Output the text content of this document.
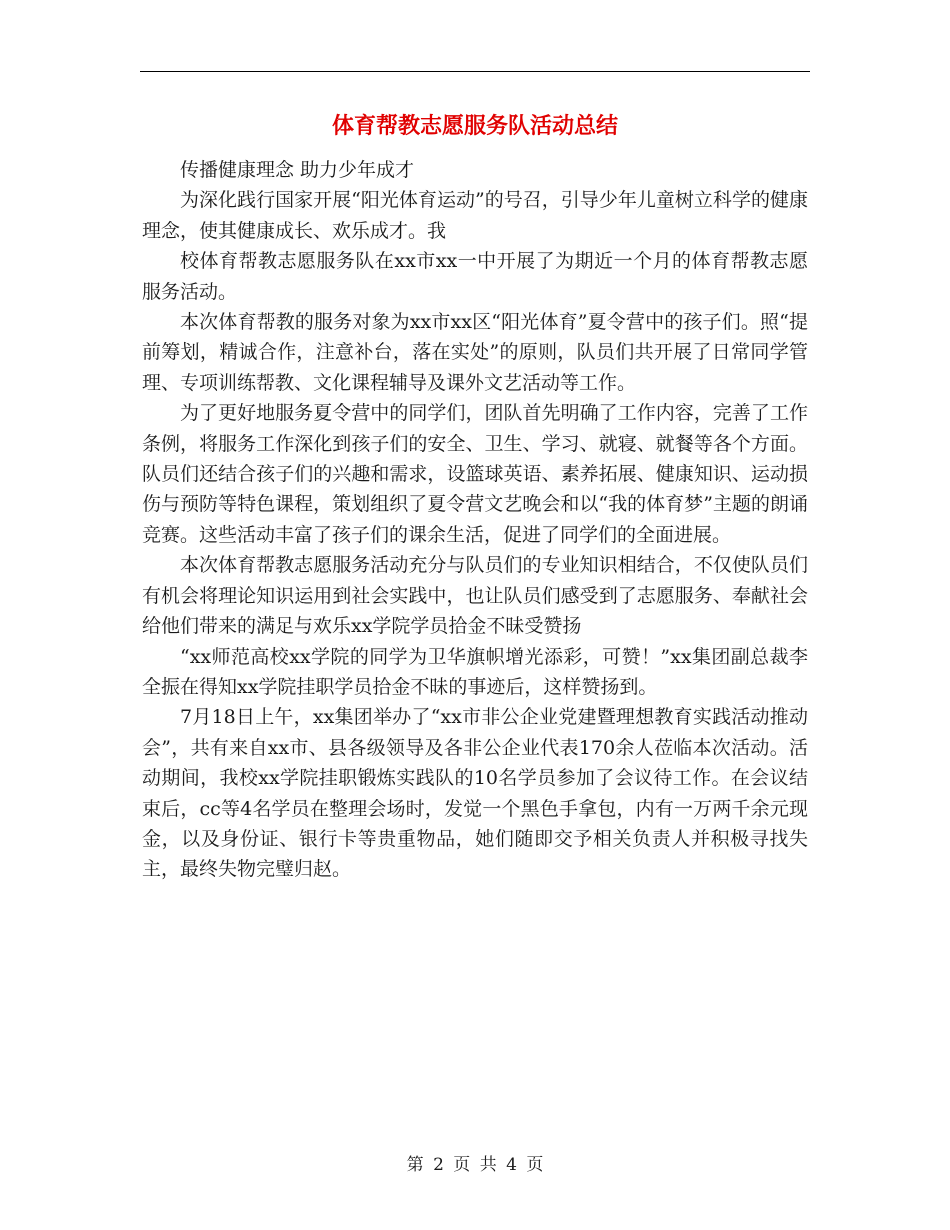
体育帮教志愿服务队活动总结

传播健康理念 助力少年成才

为深化践行国家开展“阳光体育运动”的号召，引导少年儿童树立科学的健康理念，使其健康成长、欢乐成才。我

校体育帮教志愿服务队在xx市xx一中开展了为期近一个月的体育帮教志愿服务活动。

本次体育帮教的服务对象为xx市xx区“阳光体育”夏令营中的孩子们。照“提前筹划，精诚合作，注意补台，落在实处”的原则，队员们共开展了日常同学管理、专项训练帮教、文化课程辅导及课外文艺活动等工作。

为了更好地服务夏令营中的同学们，团队首先明确了工作内容，完善了工作条例，将服务工作深化到孩子们的安全、卫生、学习、就寝、就餐等各个方面。队员们还结合孩子们的兴趣和需求，设篮球英语、素养拓展、健康知识、运动损伤与预防等特色课程，策划组织了夏令营文艺晚会和以“我的体育梦”主题的朗诵竞赛。这些活动丰富了孩子们的课余生活，促进了同学们的全面进展。

本次体育帮教志愿服务活动充分与队员们的专业知识相结合，不仅使队员们有机会将理论知识运用到社会实践中，也让队员们感受到了志愿服务、奉献社会给他们带来的满足与欢乐xx学院学员拾金不昧受赞扬

“xx师范高校xx学院的同学为卫华旗帜增光添彩，可赞！”xx集团副总裁李全振在得知xx学院挂职学员拾金不昧的事迹后，这样赞扬到。

7月18日上午，xx集团举办了“xx市非公企业党建暨理想教育实践活动推动会”，共有来自xx市、县各级领导及各非公企业代表170余人莅临本次活动。活动期间，我校xx学院挂职锻炼实践队的10名学员参加了会议待工作。在会议结束后，cc等4名学员在整理会场时，发觉一个黑色手拿包，内有一万两千余元现金，以及身份证、银行卡等贵重物品，她们随即交予相关负责人并积极寻找失主，最终失物完璧归赵。

第 2 页 共 4 页
